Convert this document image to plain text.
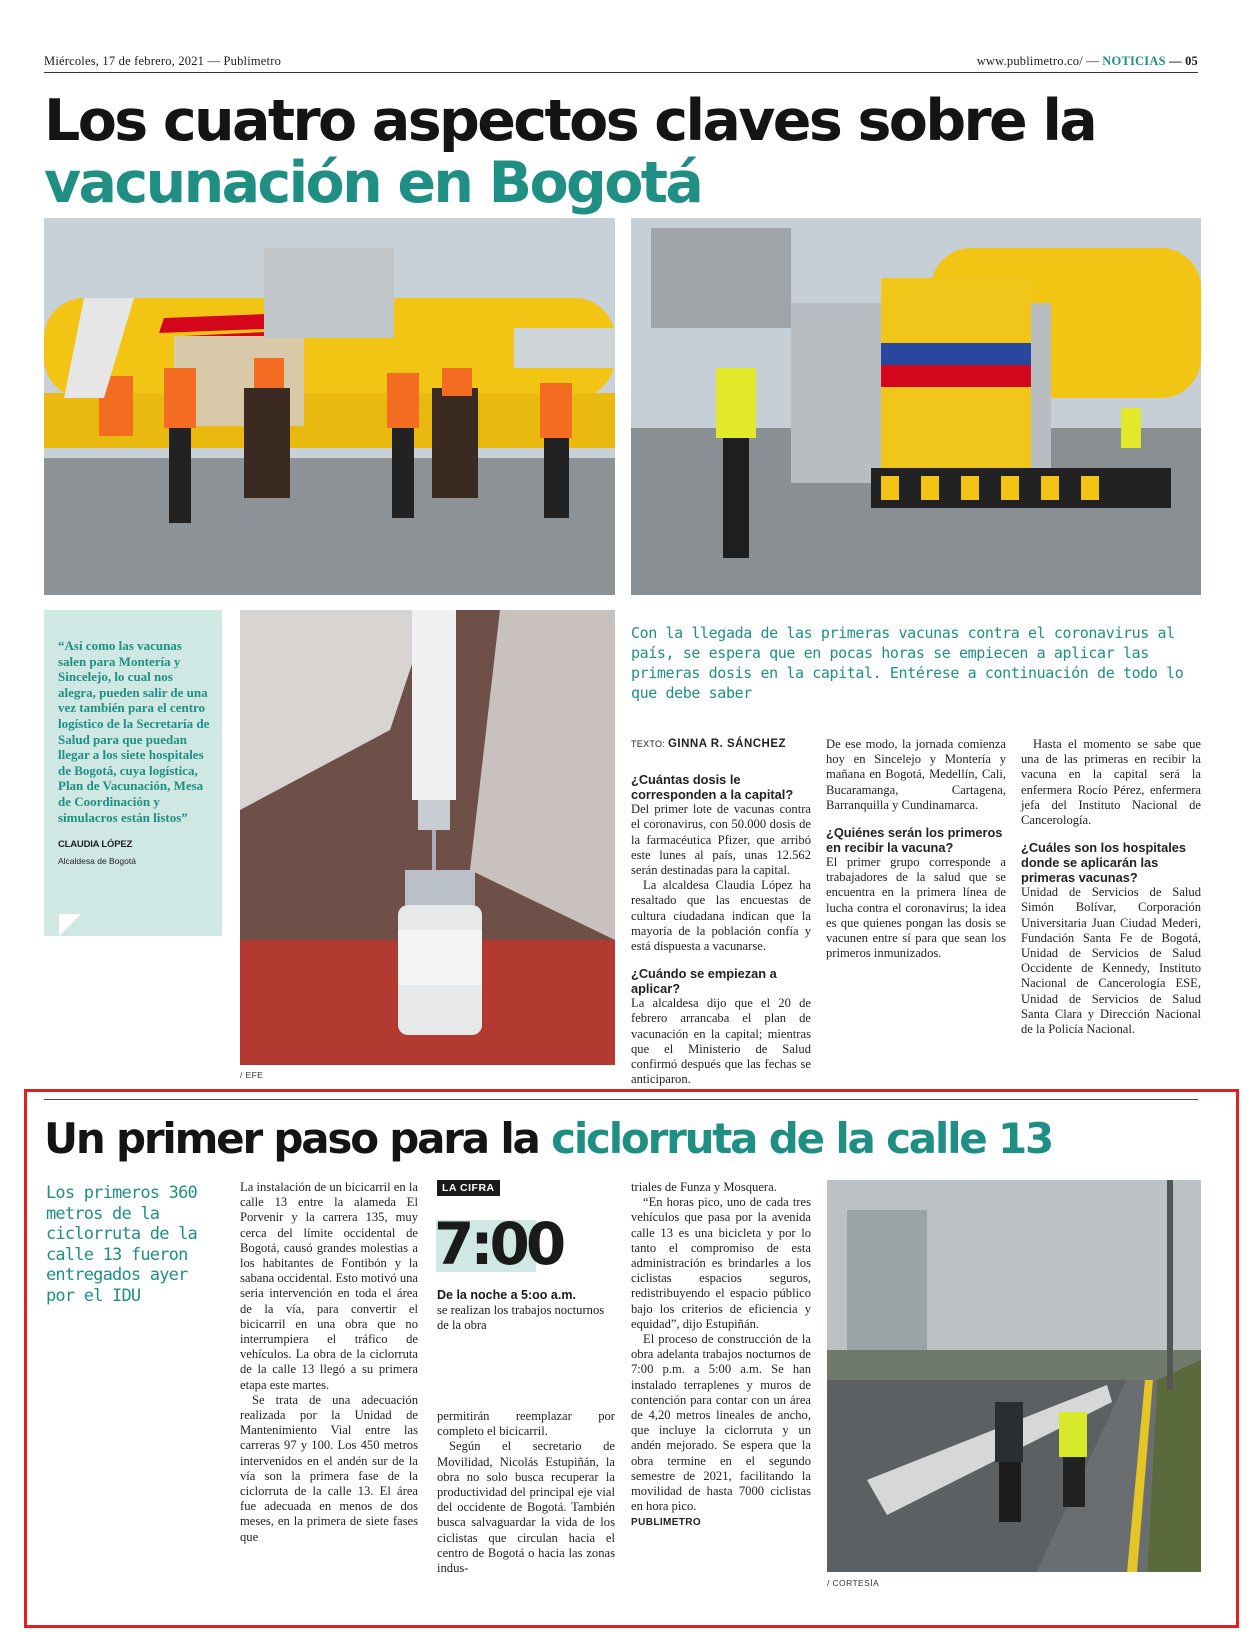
Miércoles, 17 de febrero, 2021 — Publimetro	www.publimetro.co/ — NOTICIAS — 05
Los cuatro aspectos claves sobre la vacunación en Bogotá
“Así como las vacunas salen para Montería y Sincelejo, lo cual nos alegra, pueden salir de una vez también para el centro logístico de la Secretaría de Salud para que puedan llegar a los siete hospitales de Bogotá, cuya logística, Plan de Vacunación, Mesa de Coordinación y simulacros están listos”
CLAUDIA LÓPEZ
Alcaldesa de Bogotá
/ EFE
Con la llegada de las primeras vacunas contra el coronavirus al país, se espera que en pocas horas se empiecen a aplicar las primeras dosis en la capital. Entérese a continuación de todo lo que debe saber
TEXTO: GINNA R. SÁNCHEZ
¿Cuántas dosis le corresponden a la capital?

Del primer lote de vacunas contra el coronavirus, con 50.000 dosis de la farmacéutica Pfizer, que arribó este lunes al país, unas 12.562 serán destinadas para la capital.

La alcaldesa Claudia López ha resaltado que las encuestas de cultura ciudadana indican que la mayoría de la población confía y está dispuesta a vacunarse.

¿Cuándo se empiezan a aplicar?

La alcaldesa dijo que el 20 de febrero arrancaba el plan de vacunación en la capital; mientras que el Ministerio de Salud confirmó después que las fechas se anticiparon.

De ese modo, la jornada comienza hoy en Sincelejo y Montería y mañana en Bogotá, Medellín, Cali, Bucaramanga, Cartagena, Barranquilla y Cundinamarca.

¿Quiénes serán los primeros en recibir la vacuna?

El primer grupo corresponde a trabajadores de la salud que se encuentra en la primera línea de lucha contra el coronavirus; la idea es que quienes pongan las dosis se vacunen entre sí para que sean los primeros inmunizados.

Hasta el momento se sabe que una de las primeras en recibir la vacuna en la capital será la enfermera Rocío Pérez, enfermera jefa del Instituto Nacional de Cancerología.

¿Cuáles son los hospitales donde se aplicarán las primeras vacunas?

Unidad de Servicios de Salud Simón Bolívar, Corporación Universitaria Juan Ciudad Mederi, Fundación Santa Fe de Bogotá, Unidad de Servicios de Salud Occidente de Kennedy, Instituto Nacional de Cancerología ESE, Unidad de Servicios de Salud Santa Clara y Dirección Nacional de la Policía Nacional.

Un primer paso para la ciclorruta de la calle 13
Los primeros 360 metros de la ciclorruta de la calle 13 fueron entregados ayer por el IDU

La instalación de un bicicarril en la calle 13 entre la alameda El Porvenir y la carrera 135, muy cerca del límite occidental de Bogotá, causó grandes molestias a los habitantes de Fontibón y la sabana occidental. Esto motivó una seria intervención en toda el área de la vía, para convertir el bicicarril en una obra que no interrumpiera el tráfico de vehículos. La obra de la ciclorruta de la calle 13 llegó a su primera etapa este martes.

Se trata de una adecuación realizada por la Unidad de Mantenimiento Vial entre las carreras 97 y 100. Los 450 metros intervenidos en el andén sur de la vía son la primera fase de la ciclorruta de la calle 13. El área fue adecuada en menos de dos meses, en la primera de siete fases que

LA CIFRA
7:00
De la noche a 5:oo a.m.
se realizan los trabajos nocturnos de la obra

permitirán reemplazar por completo el bicicarril.

Según el secretario de Movilidad, Nicolás Estupiñán, la obra no solo busca recuperar la productividad del principal eje vial del occidente de Bogotá. También busca salvaguardar la vida de los ciclistas que circulan hacia el centro de Bogotá o hacia las zonas indus-

triales de Funza y Mosquera.

“En horas pico, uno de cada tres vehículos que pasa por la avenida calle 13 es una bicicleta y por lo tanto el compromiso de esta administración es brindarles a los ciclistas espacios seguros, redistribuyendo el espacio público bajo los criterios de eficiencia y equidad”, dijo Estupiñán.

El proceso de construcción de la obra adelanta trabajos nocturnos de 7:00 p.m. a 5:00 a.m. Se han instalado terraplenes y muros de contención para contar con un área de 4,20 metros lineales de ancho, que incluye la ciclorruta y un andén mejorado. Se espera que la obra termine en el segundo semestre de 2021, facilitando la movilidad de hasta 7000 ciclistas en hora pico.

PUBLIMETRO
/ CORTESÍA
